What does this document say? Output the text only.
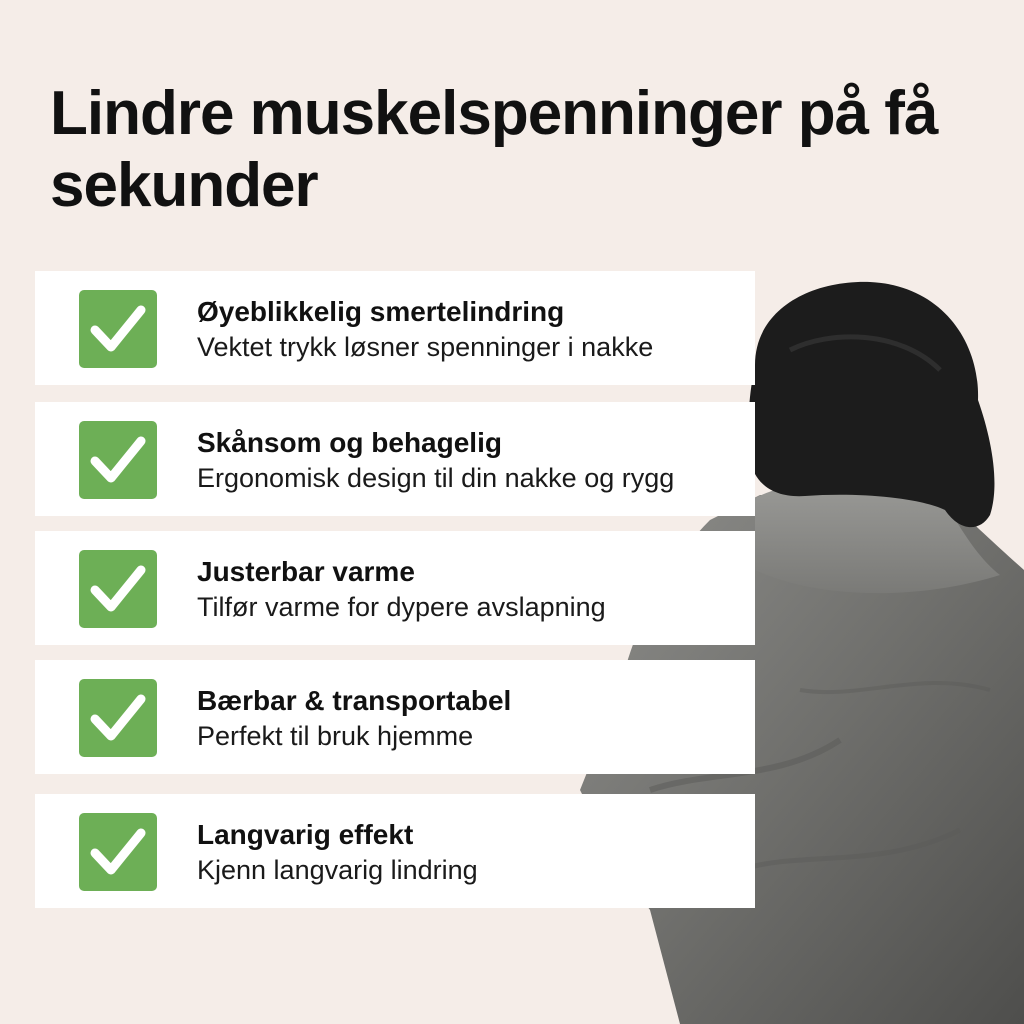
Lindre muskelspenninger på få sekunder
Øyeblikkelig smertelindring
Vektet trykk løsner spenninger i nakke
Skånsom og behagelig
Ergonomisk design til din nakke og rygg
Justerbar varme
Tilfør varme for dypere avslapning
Bærbar & transportabel
Perfekt til bruk hjemme
Langvarig effekt
Kjenn langvarig lindring
